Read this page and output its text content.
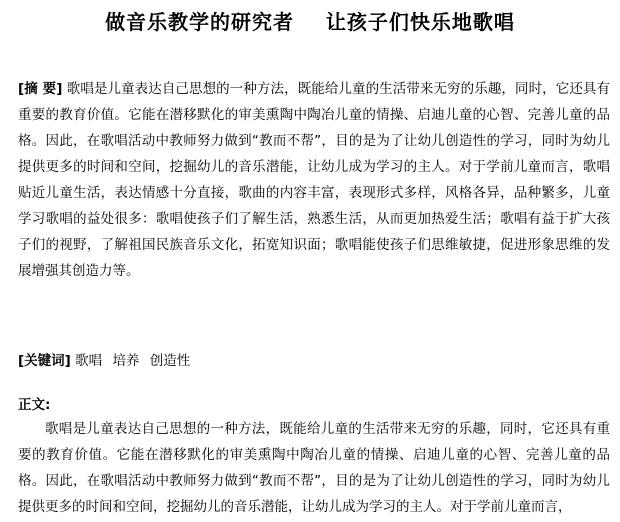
做音乐教学的研究者    让孩子们快乐地歌唱

[摘 要] 歌唱是儿童表达自己思想的一种方法，既能给儿童的生活带来无穷的乐趣，同时，它还具有重要的教育价值。它能在潜移默化的审美熏陶中陶冶儿童的情操、启迪儿童的心智、完善儿童的品格。因此，在歌唱活动中教师努力做到“教而不帮”，目的是为了让幼儿创造性的学习，同时为幼儿提供更多的时间和空间，挖掘幼儿的音乐潜能，让幼儿成为学习的主人。对于学前儿童而言，歌唱贴近儿童生活，表达情感十分直接，歌曲的内容丰富，表现形式多样，风格各异，品种繁多，儿童学习歌唱的益处很多：歌唱使孩子们了解生活，熟悉生活，从而更加热爱生活；歌唱有益于扩大孩子们的视野，了解祖国民族音乐文化，拓宽知识面；歌唱能使孩子们思维敏捷，促进形象思维的发展增强其创造力等。

[关键词] 歌唱 培养 创造性

正文:

歌唱是儿童表达自己思想的一种方法，既能给儿童的生活带来无穷的乐趣，同时，它还具有重要的教育价值。它能在潜移默化的审美熏陶中陶冶儿童的情操、启迪儿童的心智、完善儿童的品格。因此，在歌唱活动中教师努力做到“教而不帮”，目的是为了让幼儿创造性的学习，同时为幼儿提供更多的时间和空间，挖掘幼儿的音乐潜能，让幼儿成为学习的主人。对于学前儿童而言，
